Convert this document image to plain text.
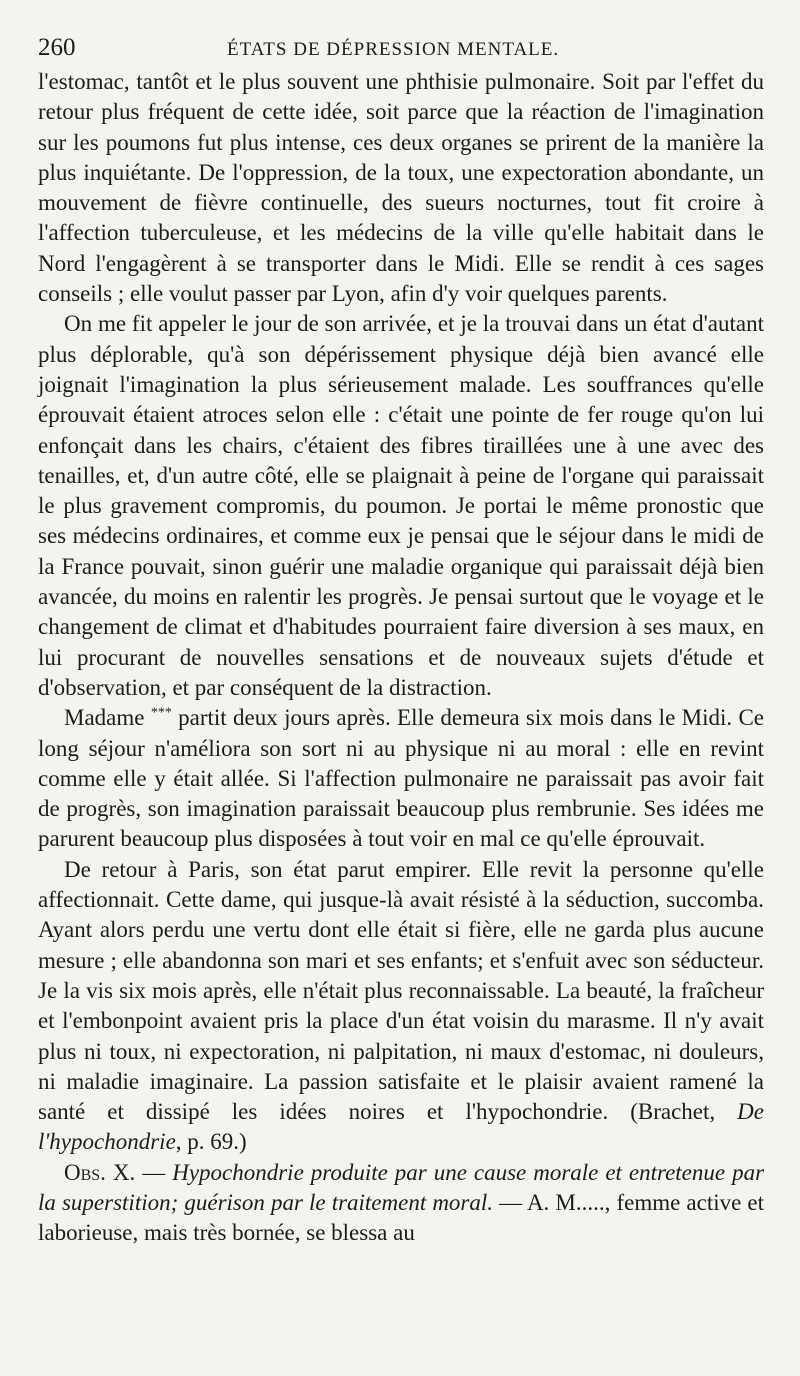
260	ÉTATS DE DÉPRESSION MENTALE.

l'estomac, tantôt et le plus souvent une phthisie pulmonaire. Soit par l'effet du retour plus fréquent de cette idée, soit parce que la réaction de l'imagination sur les poumons fut plus intense, ces deux organes se prirent de la manière la plus inquiétante. De l'oppression, de la toux, une expectoration abondante, un mouvement de fièvre continuelle, des sueurs nocturnes, tout fit croire à l'affection tuberculeuse, et les médecins de la ville qu'elle habitait dans le Nord l'engagèrent à se transporter dans le Midi. Elle se rendit à ces sages conseils ; elle voulut passer par Lyon, afin d'y voir quelques parents.

On me fit appeler le jour de son arrivée, et je la trouvai dans un état d'autant plus déplorable, qu'à son dépérissement physique déjà bien avancé elle joignait l'imagination la plus sérieusement malade. Les souffrances qu'elle éprouvait étaient atroces selon elle : c'était une pointe de fer rouge qu'on lui enfonçait dans les chairs, c'étaient des fibres tiraillées une à une avec des tenailles, et, d'un autre côté, elle se plaignait à peine de l'organe qui paraissait le plus gravement compromis, du poumon. Je portai le même pronostic que ses médecins ordinaires, et comme eux je pensai que le séjour dans le midi de la France pouvait, sinon guérir une maladie organique qui paraissait déjà bien avancée, du moins en ralentir les progrès. Je pensai surtout que le voyage et le changement de climat et d'habitudes pourraient faire diversion à ses maux, en lui procurant de nouvelles sensations et de nouveaux sujets d'étude et d'observation, et par conséquent de la distraction.

Madame *** partit deux jours après. Elle demeura six mois dans le Midi. Ce long séjour n'améliora son sort ni au physique ni au moral : elle en revint comme elle y était allée. Si l'affection pulmonaire ne paraissait pas avoir fait de progrès, son imagination paraissait beaucoup plus rembrunie. Ses idées me parurent beaucoup plus disposées à tout voir en mal ce qu'elle éprouvait.

De retour à Paris, son état parut empirer. Elle revit la personne qu'elle affectionnait. Cette dame, qui jusque-là avait résisté à la séduction, succomba. Ayant alors perdu une vertu dont elle était si fière, elle ne garda plus aucune mesure ; elle abandonna son mari et ses enfants; et s'enfuit avec son séducteur. Je la vis six mois après, elle n'était plus reconnaissable. La beauté, la fraîcheur et l'embonpoint avaient pris la place d'un état voisin du marasme. Il n'y avait plus ni toux, ni expectoration, ni palpitation, ni maux d'estomac, ni douleurs, ni maladie imaginaire. La passion satisfaite et le plaisir avaient ramené la santé et dissipé les idées noires et l'hypochondrie. (Brachet, De l'hypochondrie, p. 69.)

Obs. X. — Hypochondrie produite par une cause morale et entretenue par la superstition; guérison par le traitement moral. — A. M....., femme active et laborieuse, mais très bornée, se blessa au
